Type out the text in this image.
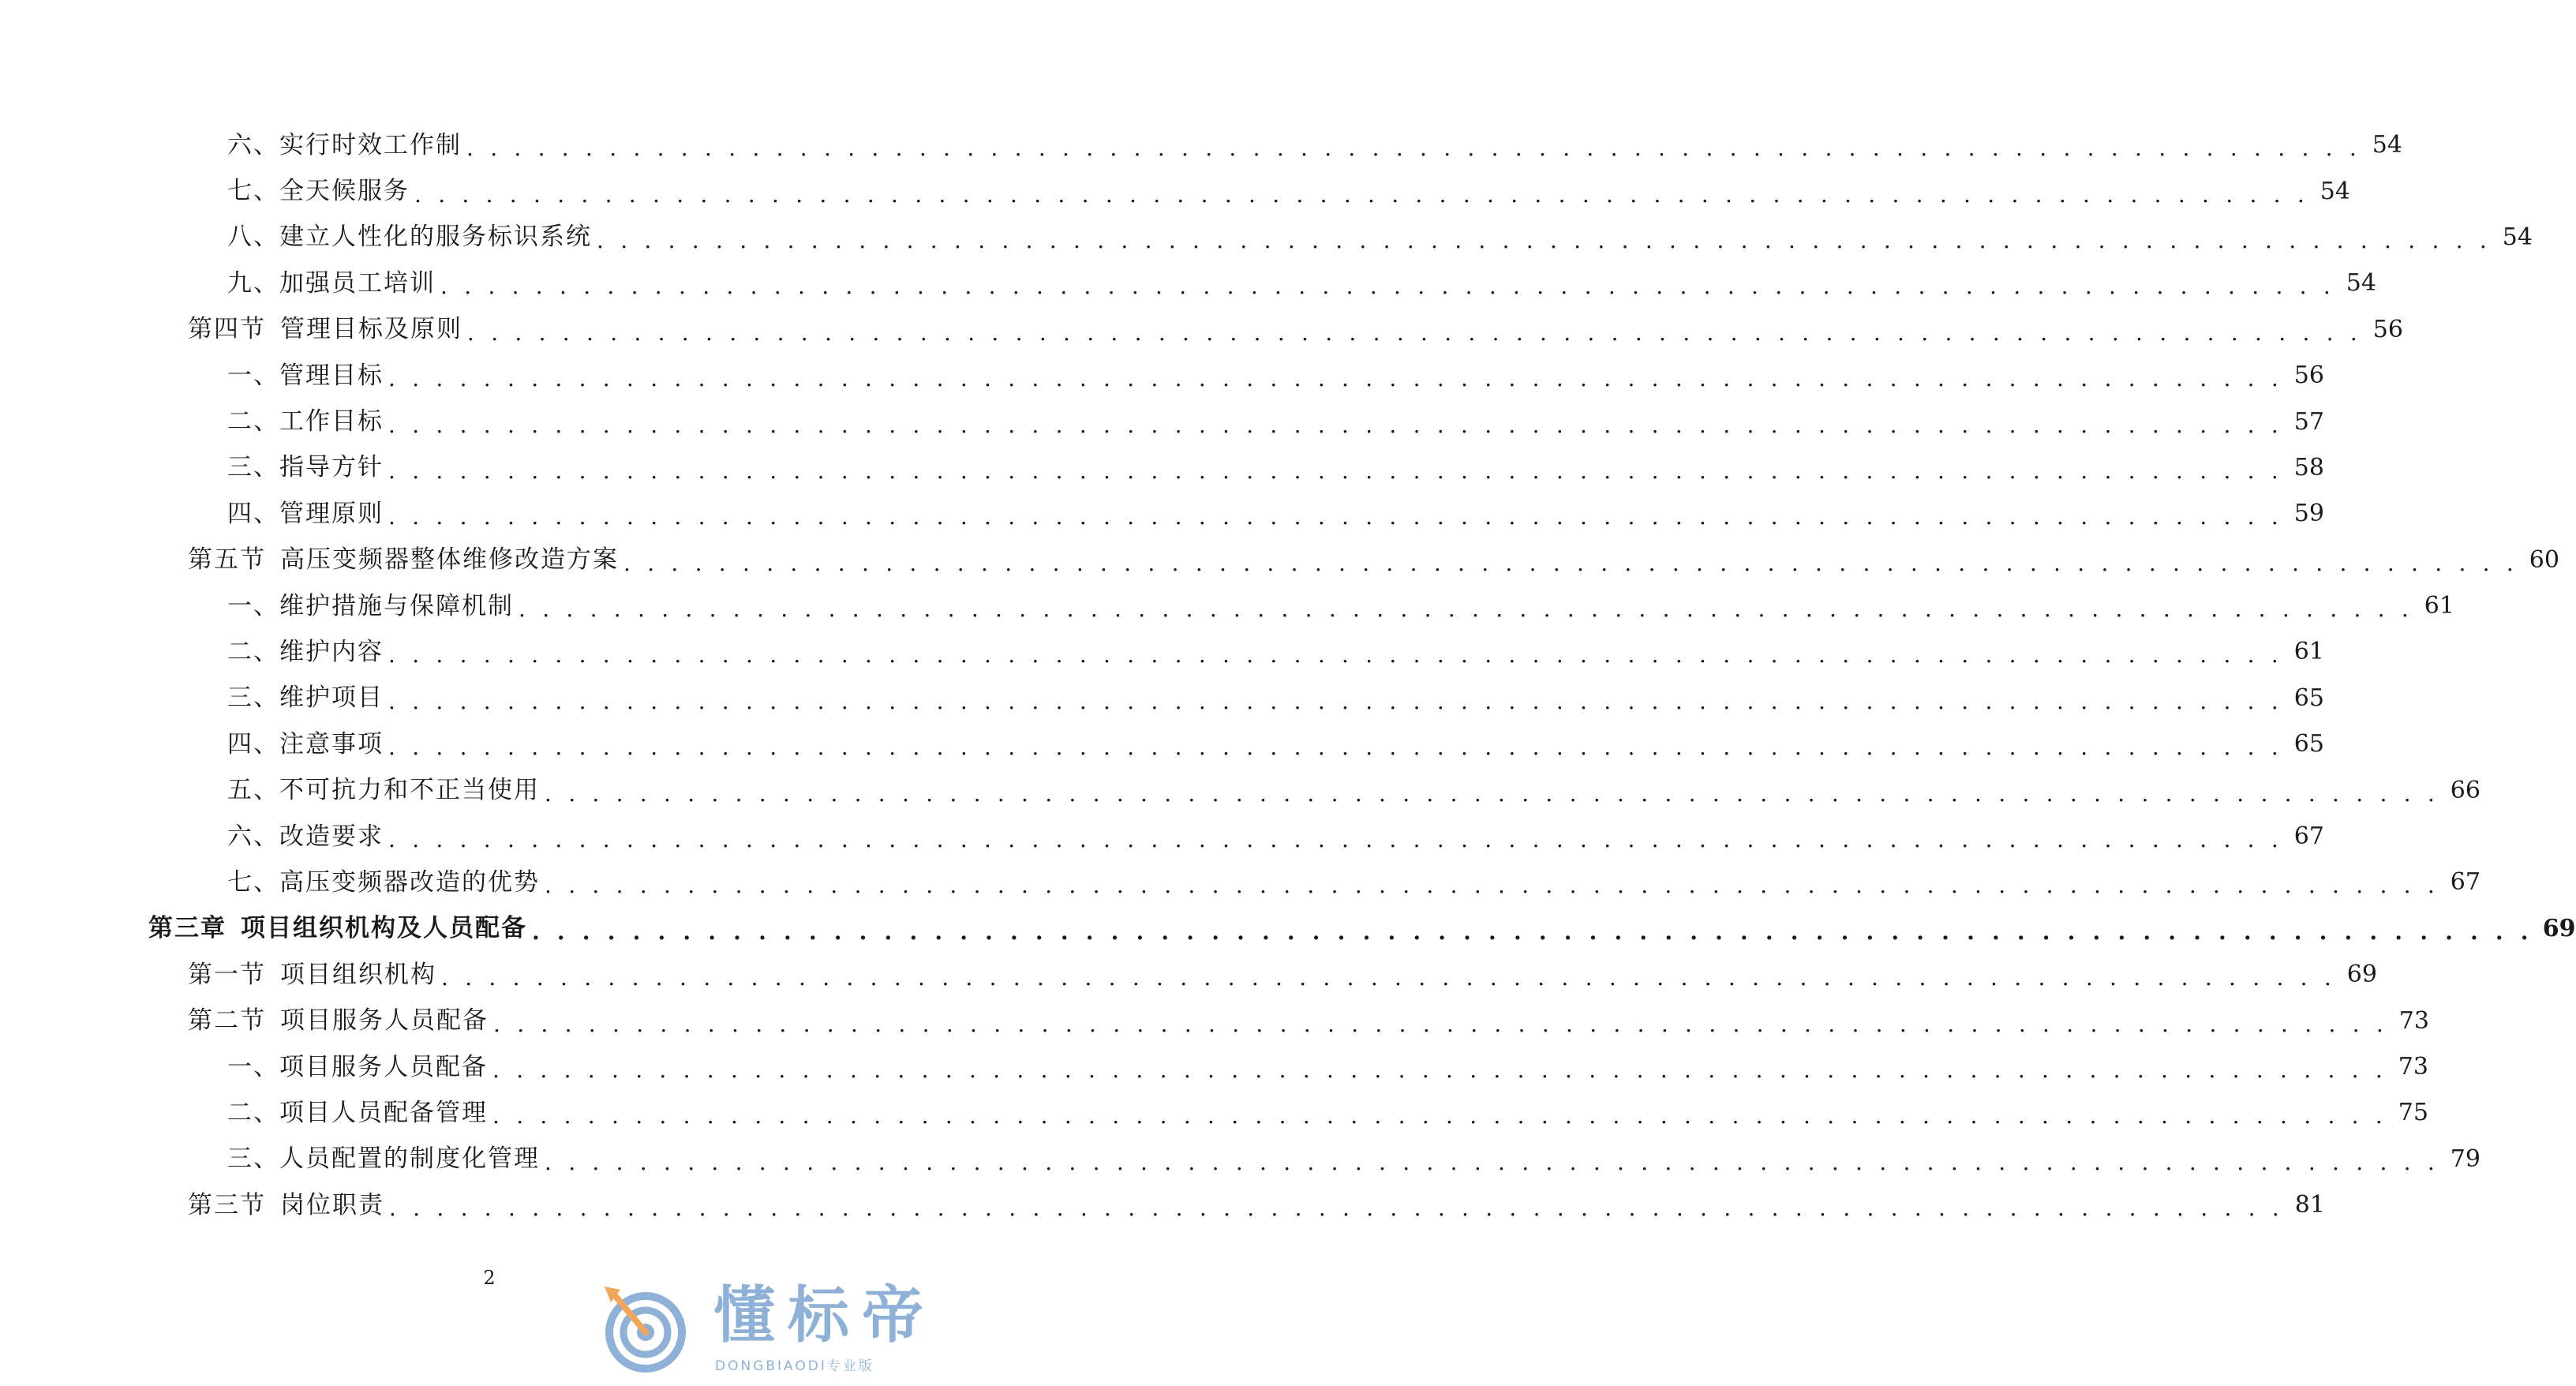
六、 实行时效工作制 . . . . . . . . . . . . . . . . . . . . . . . . . . . . . . . . . . . . . . . . . . . . . . . . . . . . . . . . . . . . . . . . . . . . . . . . . . . . . . . . 54
七、 全天候服务 . . . . . . . . . . . . . . . . . . . . . . . . . . . . . . . . . . . . . . . . . . . . . . . . . . . . . . . . . . . . . . . . . . . . . . . . . . . . . . . . 54
八、 建立人性化的服务标识系统 . . . . . . . . . . . . . . . . . . . . . . . . . . . . . . . . . . . . . . . . . . . . . . . . . . . . . . . . . . . . . . . . . . . . . . . . . . . . . . . . 54
九、 加强员工培训 . . . . . . . . . . . . . . . . . . . . . . . . . . . . . . . . . . . . . . . . . . . . . . . . . . . . . . . . . . . . . . . . . . . . . . . . . . . . . . . . 54
第四节 管理目标及原则 . . . . . . . . . . . . . . . . . . . . . . . . . . . . . . . . . . . . . . . . . . . . . . . . . . . . . . . . . . . . . . . . . . . . . . . . . . . . . . . . 56
一、 管理目标 . . . . . . . . . . . . . . . . . . . . . . . . . . . . . . . . . . . . . . . . . . . . . . . . . . . . . . . . . . . . . . . . . . . . . . . . . . . . . . . . 56
二、 工作目标 . . . . . . . . . . . . . . . . . . . . . . . . . . . . . . . . . . . . . . . . . . . . . . . . . . . . . . . . . . . . . . . . . . . . . . . . . . . . . . . . 57
三、 指导方针 . . . . . . . . . . . . . . . . . . . . . . . . . . . . . . . . . . . . . . . . . . . . . . . . . . . . . . . . . . . . . . . . . . . . . . . . . . . . . . . . 58
四、 管理原则 . . . . . . . . . . . . . . . . . . . . . . . . . . . . . . . . . . . . . . . . . . . . . . . . . . . . . . . . . . . . . . . . . . . . . . . . . . . . . . . . 59
第五节 高压变频器整体维修改造方案 . . . . . . . . . . . . . . . . . . . . . . . . . . . . . . . . . . . . . . . . . . . . . . . . . . . . . . . . . . . . . . . . . . . . . . . . . . . . . . . . 60
一、 维护措施与保障机制 . . . . . . . . . . . . . . . . . . . . . . . . . . . . . . . . . . . . . . . . . . . . . . . . . . . . . . . . . . . . . . . . . . . . . . . . . . . . . . . . 61
二、 维护内容 . . . . . . . . . . . . . . . . . . . . . . . . . . . . . . . . . . . . . . . . . . . . . . . . . . . . . . . . . . . . . . . . . . . . . . . . . . . . . . . . 61
三、 维护项目 . . . . . . . . . . . . . . . . . . . . . . . . . . . . . . . . . . . . . . . . . . . . . . . . . . . . . . . . . . . . . . . . . . . . . . . . . . . . . . . . 65
四、 注意事项 . . . . . . . . . . . . . . . . . . . . . . . . . . . . . . . . . . . . . . . . . . . . . . . . . . . . . . . . . . . . . . . . . . . . . . . . . . . . . . . . 65
五、 不可抗力和不正当使用 . . . . . . . . . . . . . . . . . . . . . . . . . . . . . . . . . . . . . . . . . . . . . . . . . . . . . . . . . . . . . . . . . . . . . . . . . . . . . . . . 66
六、 改造要求 . . . . . . . . . . . . . . . . . . . . . . . . . . . . . . . . . . . . . . . . . . . . . . . . . . . . . . . . . . . . . . . . . . . . . . . . . . . . . . . . 67
七、 高压变频器改造的优势 . . . . . . . . . . . . . . . . . . . . . . . . . . . . . . . . . . . . . . . . . . . . . . . . . . . . . . . . . . . . . . . . . . . . . . . . . . . . . . . . 67
第三章 项目组织机构及人员配备 . . . . . . . . . . . . . . . . . . . . . . . . . . . . . . . . . . . . . . . . . . . . . . . . . . . . . . . . . . . . . . . . . . . . . . . . . . . . . . . . 69
第一节 项目组织机构 . . . . . . . . . . . . . . . . . . . . . . . . . . . . . . . . . . . . . . . . . . . . . . . . . . . . . . . . . . . . . . . . . . . . . . . . . . . . . . . . 69
第二节 项目服务人员配备 . . . . . . . . . . . . . . . . . . . . . . . . . . . . . . . . . . . . . . . . . . . . . . . . . . . . . . . . . . . . . . . . . . . . . . . . . . . . . . . . 73
一、 项目服务人员配备 . . . . . . . . . . . . . . . . . . . . . . . . . . . . . . . . . . . . . . . . . . . . . . . . . . . . . . . . . . . . . . . . . . . . . . . . . . . . . . . . 73
二、 项目人员配备管理 . . . . . . . . . . . . . . . . . . . . . . . . . . . . . . . . . . . . . . . . . . . . . . . . . . . . . . . . . . . . . . . . . . . . . . . . . . . . . . . . 75
三、 人员配置的制度化管理 . . . . . . . . . . . . . . . . . . . . . . . . . . . . . . . . . . . . . . . . . . . . . . . . . . . . . . . . . . . . . . . . . . . . . . . . . . . . . . . . 79
第三节 岗位职责 . . . . . . . . . . . . . . . . . . . . . . . . . . . . . . . . . . . . . . . . . . . . . . . . . . . . . . . . . . . . . . . . . . . . . . . . . . . . . . . . 81
2
懂标帝
DONGBIAODI专业版
